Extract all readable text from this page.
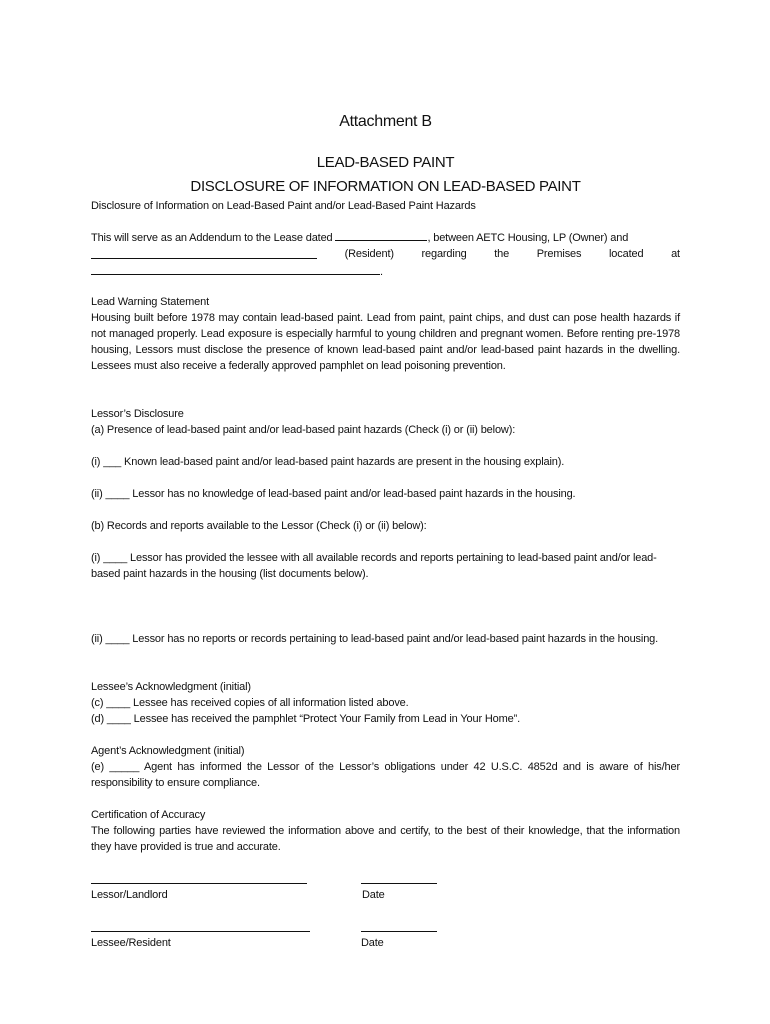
Attachment B
LEAD-BASED PAINT
DISCLOSURE OF INFORMATION ON LEAD-BASED PAINT
Disclosure of Information on Lead-Based Paint and/or Lead-Based Paint Hazards
This will serve as an Addendum to the Lease dated	, between AETC Housing, LP (Owner) and
(Resident)	regarding	the	Premises	located	at
.
Lead Warning Statement
Housing built before 1978 may contain lead-based paint. Lead from paint, paint chips, and dust can pose health hazards if not managed properly. Lead exposure is especially harmful to young children and pregnant women. Before renting pre-1978 housing, Lessors must disclose the presence of known lead-based paint and/or lead-based paint hazards in the dwelling. Lessees must also receive a federally approved pamphlet on lead poisoning prevention.
Lessor’s Disclosure
(a) Presence of lead-based paint and/or lead-based paint hazards (Check (i) or (ii) below):
(i) ___ Known lead-based paint and/or lead-based paint hazards are present in the housing explain).
(ii) ____ Lessor has no knowledge of lead-based paint and/or lead-based paint hazards in the housing.
(b) Records and reports available to the Lessor (Check (i) or (ii) below):
(i) ____ Lessor has provided the lessee with all available records and reports pertaining to lead-based paint and/or lead-based paint hazards in the housing (list documents below).
(ii) ____ Lessor has no reports or records pertaining to lead-based paint and/or lead-based paint hazards in the housing.
Lessee’s Acknowledgment (initial)
(c) ____ Lessee has received copies of all information listed above.
(d) ____ Lessee has received the pamphlet “Protect Your Family from Lead in Your Home”.
Agent’s Acknowledgment (initial)
(e) _____ Agent has informed the Lessor of the Lessor’s obligations under 42 U.S.C. 4852d and is aware of his/her responsibility to ensure compliance.
Certification of Accuracy
The following parties have reviewed the information above and certify, to the best of their knowledge, that the information they have provided is true and accurate.
Lessor/Landlord	Date
Lessee/Resident	Date
